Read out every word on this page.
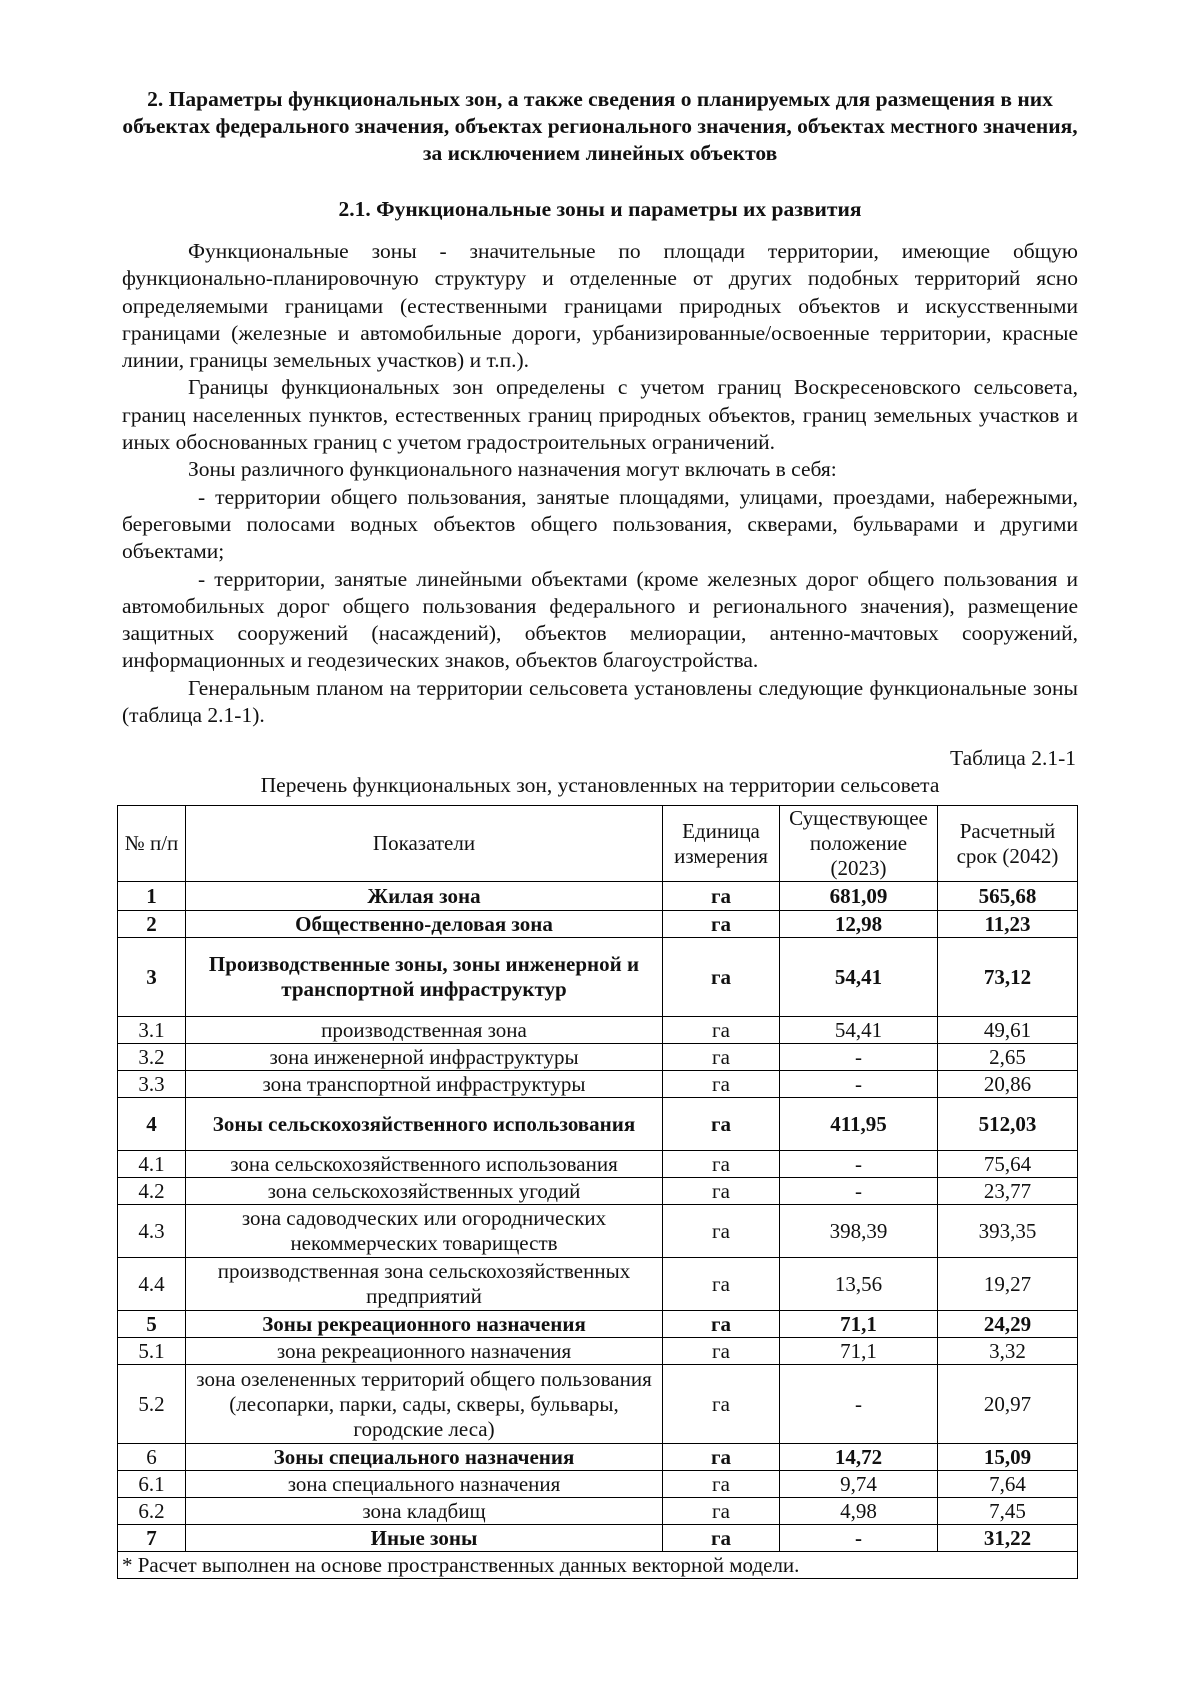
2. Параметры функциональных зон, а также сведения о планируемых для размещения в них объектах федерального значения, объектах регионального значения, объектах местного значения, за исключением линейных объектов
2.1. Функциональные зоны и параметры их развития

Функциональные зоны - значительные по площади территории, имеющие общую функционально-планировочную структуру и отделенные от других подобных территорий ясно определяемыми границами (естественными границами природных объектов и искусственными границами (железные и автомобильные дороги, урбанизированные/освоенные территории, красные линии, границы земельных участков) и т.п.).

Границы функциональных зон определены с учетом границ Воскресеновского сельсовета, границ населенных пунктов, естественных границ природных объектов, границ земельных участков и иных обоснованных границ с учетом градостроительных ограничений.

Зоны различного функционального назначения могут включать в себя:

- территории общего пользования, занятые площадями, улицами, проездами, набережными, береговыми полосами водных объектов общего пользования, скверами, бульварами и другими объектами;

- территории, занятые линейными объектами (кроме железных дорог общего пользования и автомобильных дорог общего пользования федерального и регионального значения), размещение защитных сооружений (насаждений), объектов мелиорации, антенно-мачтовых сооружений, информационных и геодезических знаков, объектов благоустройства.

Генеральным планом на территории сельсовета установлены следующие функциональные зоны (таблица 2.1-1).

Таблица 2.1-1
Перечень функциональных зон, установленных на территории сельсовета
№ п/п	Показатели	Единица измерения	Существующее положение (2023)	Расчетный срок (2042)
1	Жилая зона	га	681,09	565,68
2	Общественно-деловая зона	га	12,98	11,23
3	Производственные зоны, зоны инженерной и транспортной инфраструктур	га	54,41	73,12
3.1	производственная зона	га	54,41	49,61
3.2	зона инженерной инфраструктуры	га	-	2,65
3.3	зона транспортной инфраструктуры	га	-	20,86
4	Зоны сельскохозяйственного использования	га	411,95	512,03
4.1	зона сельскохозяйственного использования	га	-	75,64
4.2	зона сельскохозяйственных угодий	га	-	23,77
4.3	зона садоводческих или огороднических некоммерческих товариществ	га	398,39	393,35
4.4	производственная зона сельскохозяйственных предприятий	га	13,56	19,27
5	Зоны рекреационного назначения	га	71,1	24,29
5.1	зона рекреационного назначения	га	71,1	3,32
5.2	зона озелененных территорий общего пользования (лесопарки, парки, сады, скверы, бульвары, городские леса)	га	-	20,97
6	Зоны специального назначения	га	14,72	15,09
6.1	зона специального назначения	га	9,74	7,64
6.2	зона кладбищ	га	4,98	7,45
7	Иные зоны	га	-	31,22
* Расчет выполнен на основе пространственных данных векторной модели.				
